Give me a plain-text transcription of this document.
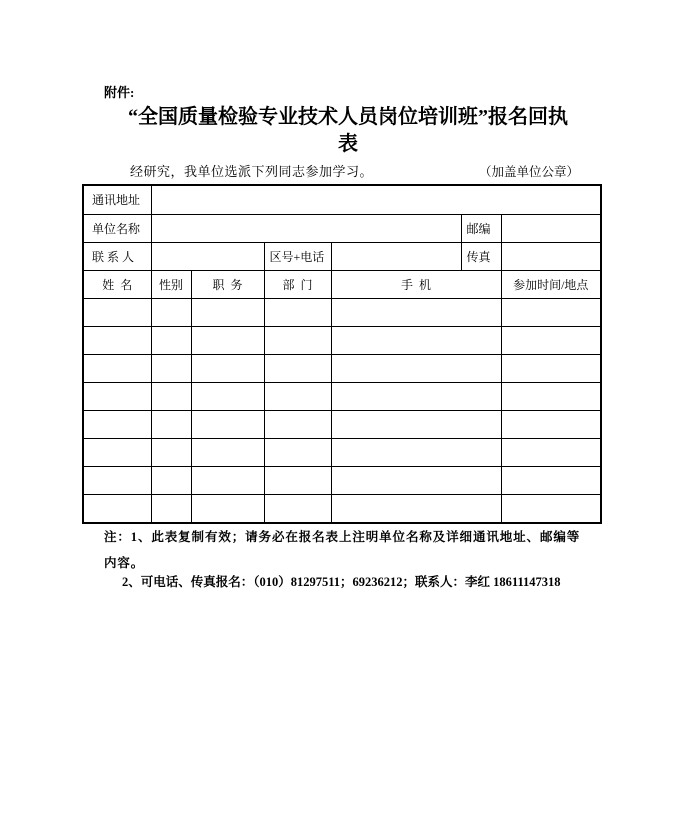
附件:
“全国质量检验专业技术人员岗位培训班”报名回执
表
经研究，我单位选派下列同志参加学习。	（加盖单位公章）
通讯地址						
单位名称					邮编	
联 系 人			区号+电话		传真	
姓  名	性别	职  务	部  门	手  机		参加时间/地点

注：1、此表复制有效；请务必在报名表上注明单位名称及详细通讯地址、邮编等
内容。
2、可电话、传真报名：（010）81297511；69236212；联系人：李红 18611147318
